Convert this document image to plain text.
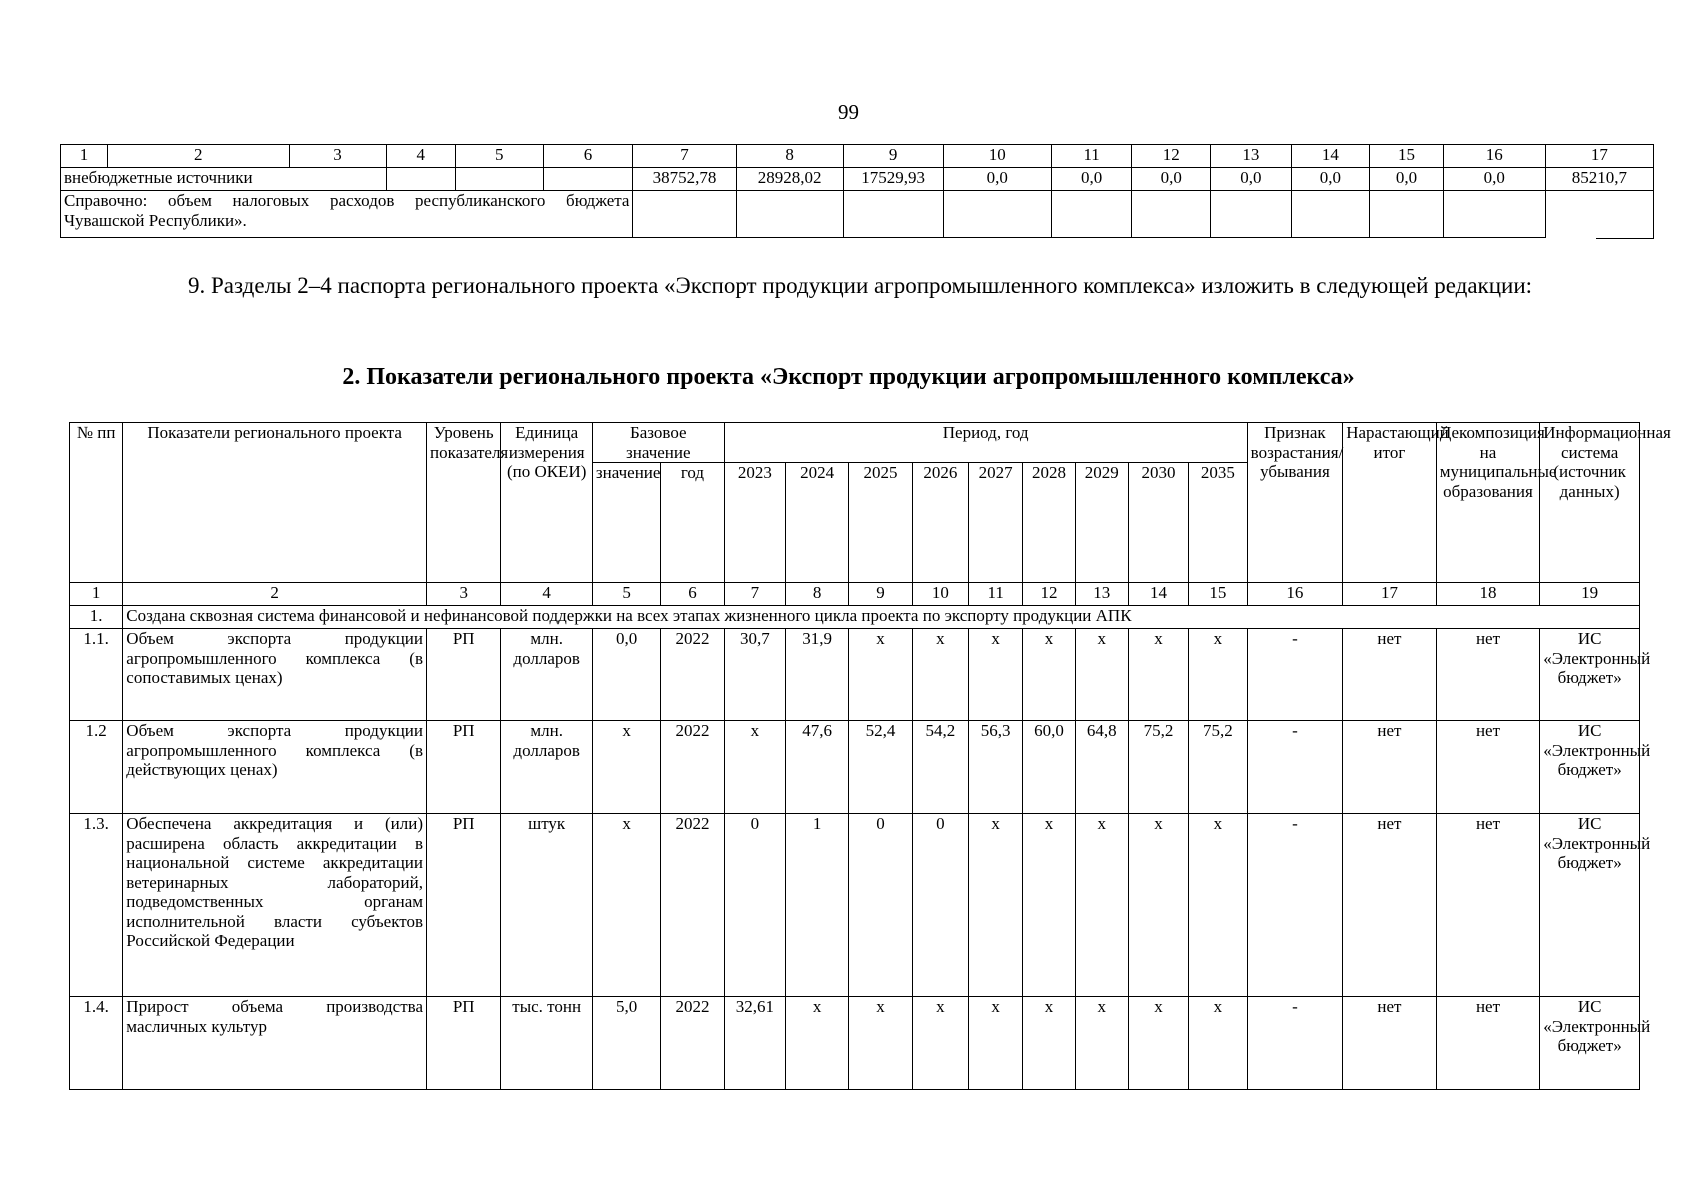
99
1	2	3	4	5	6	7	8	9	10	11	12	13	14	15	16	17
внебюджетные источники						38752,78	28928,02	17529,93	0,0	0,0	0,0	0,0	0,0	0,0	0,0	85210,7
Справочно: объем налоговых расходов республиканского бюджета Чувашской Республики».																

9. Разделы 2–4 паспорта регионального проекта «Экспорт продукции агропромышленного комплекса» изложить в следующей редакции:

2. Показатели регионального проекта «Экспорт продукции агропромышленного комплекса»
№ пп	Показатели регионального проекта	Уровень показателя	Единица измерения (по ОКЕИ)	Базовое значение		Период, год									Признак возрастания/ убывания	Нарастающий итог	Декомпозиция на муниципальные образования	Информационная система (источник данных)
				значение	год	2023	2024	2025	2026	2027	2028	2029	2030	2035				
1	2	3	4	5	6	7	8	9	10	11	12	13	14	15	16	17	18	19
1.	Создана сквозная система финансовой и нефинансовой поддержки на всех этапах жизненного цикла проекта по экспорту продукции АПК																	
1.1.	Объем экспорта продукции агропромышленного комплекса (в сопоставимых ценах)	РП	млн. долларов	0,0	2022	30,7	31,9	х	х	х	х	х	х	х	-	нет	нет	ИС «Электронный бюджет»
1.2	Объем экспорта продукции агропромышленного комплекса (в действующих ценах)	РП	млн. долларов	х	2022	х	47,6	52,4	54,2	56,3	60,0	64,8	75,2	75,2	-	нет	нет	ИС «Электронный бюджет»
1.3.	Обеспечена аккредитация и (или) расширена область аккредитации в национальной системе аккредитации ветеринарных лабораторий, подведомственных органам исполнительной власти субъектов Российской Федерации	РП	штук	х	2022	0	1	0	0	х	х	х	х	х	-	нет	нет	ИС «Электронный бюджет»
1.4.	Прирост объема производства масличных культур	РП	тыс. тонн	5,0	2022	32,61	х	х	х	х	х	х	х	х	-	нет	нет	ИС «Электронный бюджет»
